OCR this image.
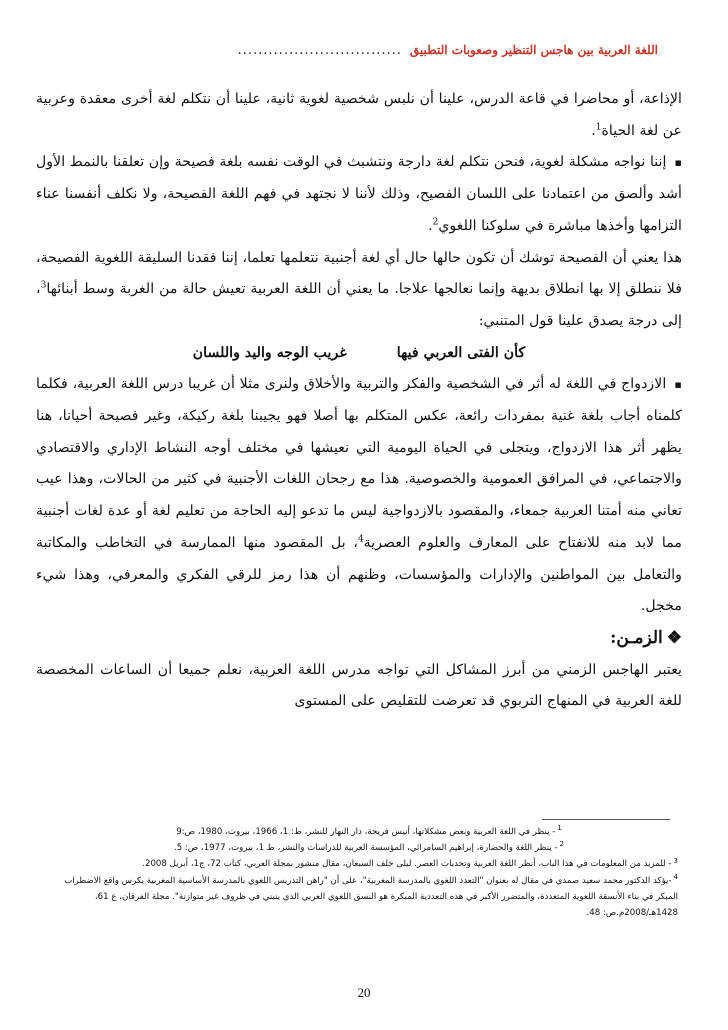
اللغة العربية بين هاجس التنظير وصعوبات التطبيق
................................

الإذاعة، أو محاضرا في قاعة الدرس، علينا أن نلبس شخصية لغوية ثانية، علينا أن نتكلم لغة أخرى معقدة وعربية عن لغة الحياة$^1$.

▪إننا نواجه مشكلة لغوية، فنحن نتكلم لغة دارجة ونتشبث في الوقت نفسه بلغة فصيحة وإن تعلقنا بالنمط الأول أشد وألصق من اعتمادنا على اللسان الفصيح، وذلك لأننا لا نجتهد في فهم اللغة الفصيحة، ولا نكلف أنفسنا عناء التزامها وأخذها مباشرة في سلوكنا اللغوي$^2$.

هذا يعني أن الفصيحة توشك أن تكون حالها حال أي لغة أجنبية نتعلمها تعلما، إننا فقدنا السليقة اللغوية الفصيحة، فلا ننطلق إلا بها انطلاق بديهة وإنما نعالجها علاجا. ما يعني أن اللغة العربية تعيش حالة من الغربة وسط أبنائها$^3$، إلى درجة يصدق علينا قول المتنبي:

كأن الفتى العربي فيها
غريب الوجه واليد واللسان

▪الازدواج في اللغة له أثر في الشخصية والفكر والتربية والأخلاق ولنرى مثلا أن غريبا درس اللغة العربية، فكلما كلمناه أجاب بلغة غنية بمفردات رائعة، عكس المتكلم بها أصلا فهو يجيبنا بلغة ركيكة، وغير فصيحة أحيانا، هنا يظهر أثر هذا الازدواج، ويتجلى في الحياة اليومية التي نعيشها في مختلف أوجه النشاط الإداري والاقتصادي والاجتماعي، في المرافق العمومية والخصوصية. هذا مع رجحان اللغات الأجنبية في كثير من الحالات، وهذا عيب تعاني منه أمتنا العربية جمعاء، والمقصود بالازدواجية ليس ما تدعو إليه الحاجة من تعليم لغة أو عدة لغات أجنبية مما لابد منه للانفتاح على المعارف والعلوم العصرية$^4$، بل المقصود منها الممارسة في التخاطب والمكاتبة والتعامل بين المواطنين والإدارات والمؤسسات، وظنهم أن هذا رمز للرقي الفكري والمعرفي، وهذا شيء مخجل.

❖الزمـن:

يعتبر الهاجس الزمني من أبرز المشاكل التي تواجه مدرس اللغة العربية، نعلم جميعا أن الساعات المخصصة للغة العربية في المنهاج التربوي قد تعرضت للتقليص على المستوى

$^1$- ينظر في اللغة العربية وبعض مشكلاتها، أنيس فريحة، دار النهار للنشر، ط: 1، 1966، بيروت، 1980، ص:9

$^2$- ينظر اللغة والحضارة، إبراهيم السامرائي، المؤسسة العربية للدراسات والنشر، ط 1، بيروت، 1977، ص: 5.

$^3$- للمزيد من المعلومات في هذا الباب، أنظر اللغة العربية وتحديات العصر. ليلى خلف السبعان، مقال منشور بمجلة العربي، كتاب 72، ج1، أبريل 2008.

$^4$-يؤكد الدكتور محمد سعيد صمدي في مقال له بعنوان "التعدد اللغوي بالمدرسة المغربية"، على أن "راهن التدريس اللغوي بالمدرسة الأساسية المغربية يكرس واقع الاضطراب المبكر في بناء الأنسقة اللغوية المتعددة، والمتضرر الأكبر في هذه التعددية المبكرة هو النسق اللغوي العربي الذي ينبني في ظروف غير متوازنة". مجلة الفرقان، ع 61، 1428هـ/2008م.ص: 48.

20
